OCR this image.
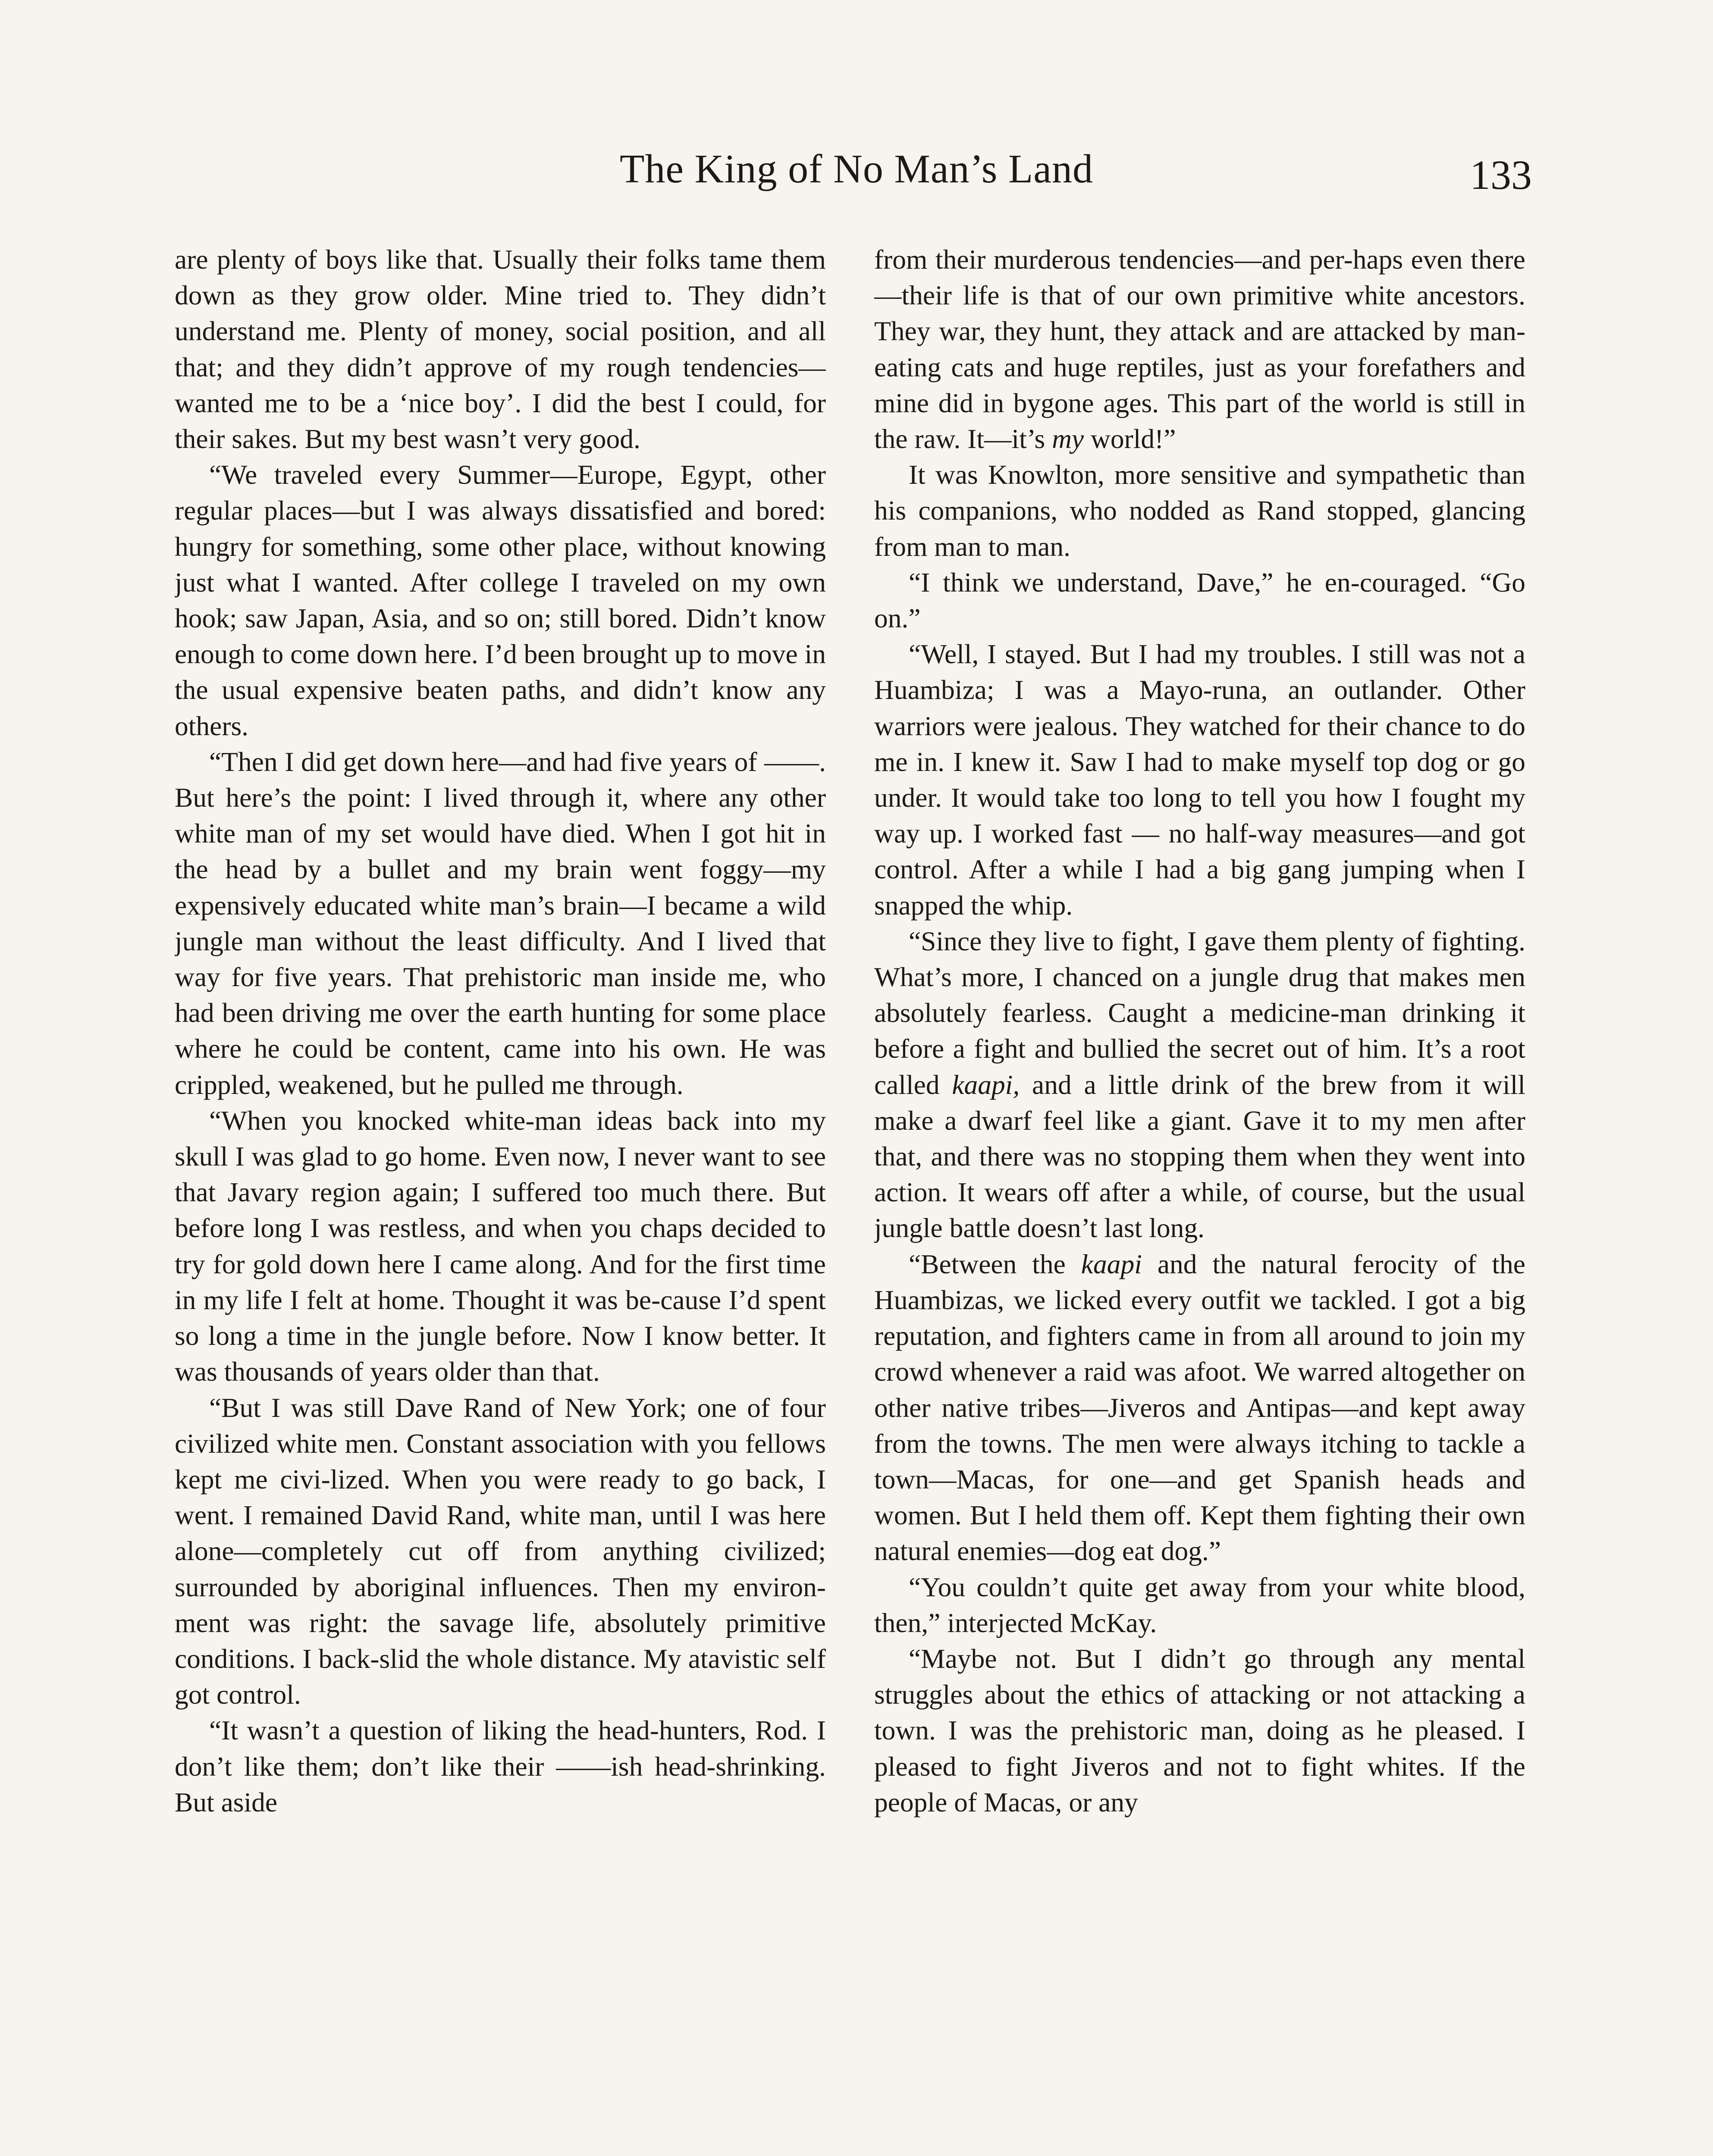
The King of No Man’s Land	133

are plenty of boys like that. Usually their folks tame them down as they grow older. Mine tried to. They didn’t understand me. Plenty of money, social position, and all that; and they didn’t approve of my rough tendencies—wanted me to be a ‘nice boy’. I did the best I could, for their sakes. But my best wasn’t very good.

“We traveled every Summer—Europe, Egypt, other regular places—but I was always dissatisfied and bored: hungry for something, some other place, without knowing just what I wanted. After college I traveled on my own hook; saw Japan, Asia, and so on; still bored. Didn’t know enough to come down here. I’d been brought up to move in the usual expensive beaten paths, and didn’t know any others.

“Then I did get down here—and had five years of ——. But here’s the point: I lived through it, where any other white man of my set would have died. When I got hit in the head by a bullet and my brain went foggy—my expensively educated white man’s brain—I became a wild jungle man without the least difficulty. And I lived that way for five years. That prehistoric man inside me, who had been driving me over the earth hunting for some place where he could be content, came into his own. He was crippled, weakened, but he pulled me through.

“When you knocked white-man ideas back into my skull I was glad to go home. Even now, I never want to see that Javary region again; I suffered too much there. But before long I was restless, and when you chaps decided to try for gold down here I came along. And for the first time in my life I felt at home. Thought it was be-cause I’d spent so long a time in the jungle before. Now I know better. It was thousands of years older than that.

“But I was still Dave Rand of New York; one of four civilized white men. Constant association with you fellows kept me civi-lized. When you were ready to go back, I went. I remained David Rand, white man, until I was here alone—completely cut off from anything civilized; surrounded by aboriginal influences. Then my environ-ment was right: the savage life, absolutely primitive conditions. I back-slid the whole distance. My atavistic self got control.

“It wasn’t a question of liking the head-hunters, Rod. I don’t like them; don’t like their ——ish head-shrinking. But aside

from their murderous tendencies—and per-haps even there—their life is that of our own primitive white ancestors. They war, they hunt, they attack and are attacked by man-eating cats and huge reptiles, just as your forefathers and mine did in bygone ages. This part of the world is still in the raw. It—it’s my world!”

It was Knowlton, more sensitive and sympathetic than his companions, who nodded as Rand stopped, glancing from man to man.

“I think we understand, Dave,” he en-couraged. “Go on.”

“Well, I stayed. But I had my troubles. I still was not a Huambiza; I was a Mayo-runa, an outlander. Other warriors were jealous. They watched for their chance to do me in. I knew it. Saw I had to make myself top dog or go under. It would take too long to tell you how I fought my way up. I worked fast — no half-way measures—and got control. After a while I had a big gang jumping when I snapped the whip.

“Since they live to fight, I gave them plenty of fighting. What’s more, I chanced on a jungle drug that makes men absolutely fearless. Caught a medicine-man drinking it before a fight and bullied the secret out of him. It’s a root called kaapi, and a little drink of the brew from it will make a dwarf feel like a giant. Gave it to my men after that, and there was no stopping them when they went into action. It wears off after a while, of course, but the usual jungle battle doesn’t last long.

“Between the kaapi and the natural ferocity of the Huambizas, we licked every outfit we tackled. I got a big reputation, and fighters came in from all around to join my crowd whenever a raid was afoot. We warred altogether on other native tribes—Jiveros and Antipas—and kept away from the towns. The men were always itching to tackle a town—Macas, for one—and get Spanish heads and women. But I held them off. Kept them fighting their own natural enemies—dog eat dog.”

“You couldn’t quite get away from your white blood, then,” interjected McKay.

“Maybe not. But I didn’t go through any mental struggles about the ethics of attacking or not attacking a town. I was the prehistoric man, doing as he pleased. I pleased to fight Jiveros and not to fight whites. If the people of Macas, or any
